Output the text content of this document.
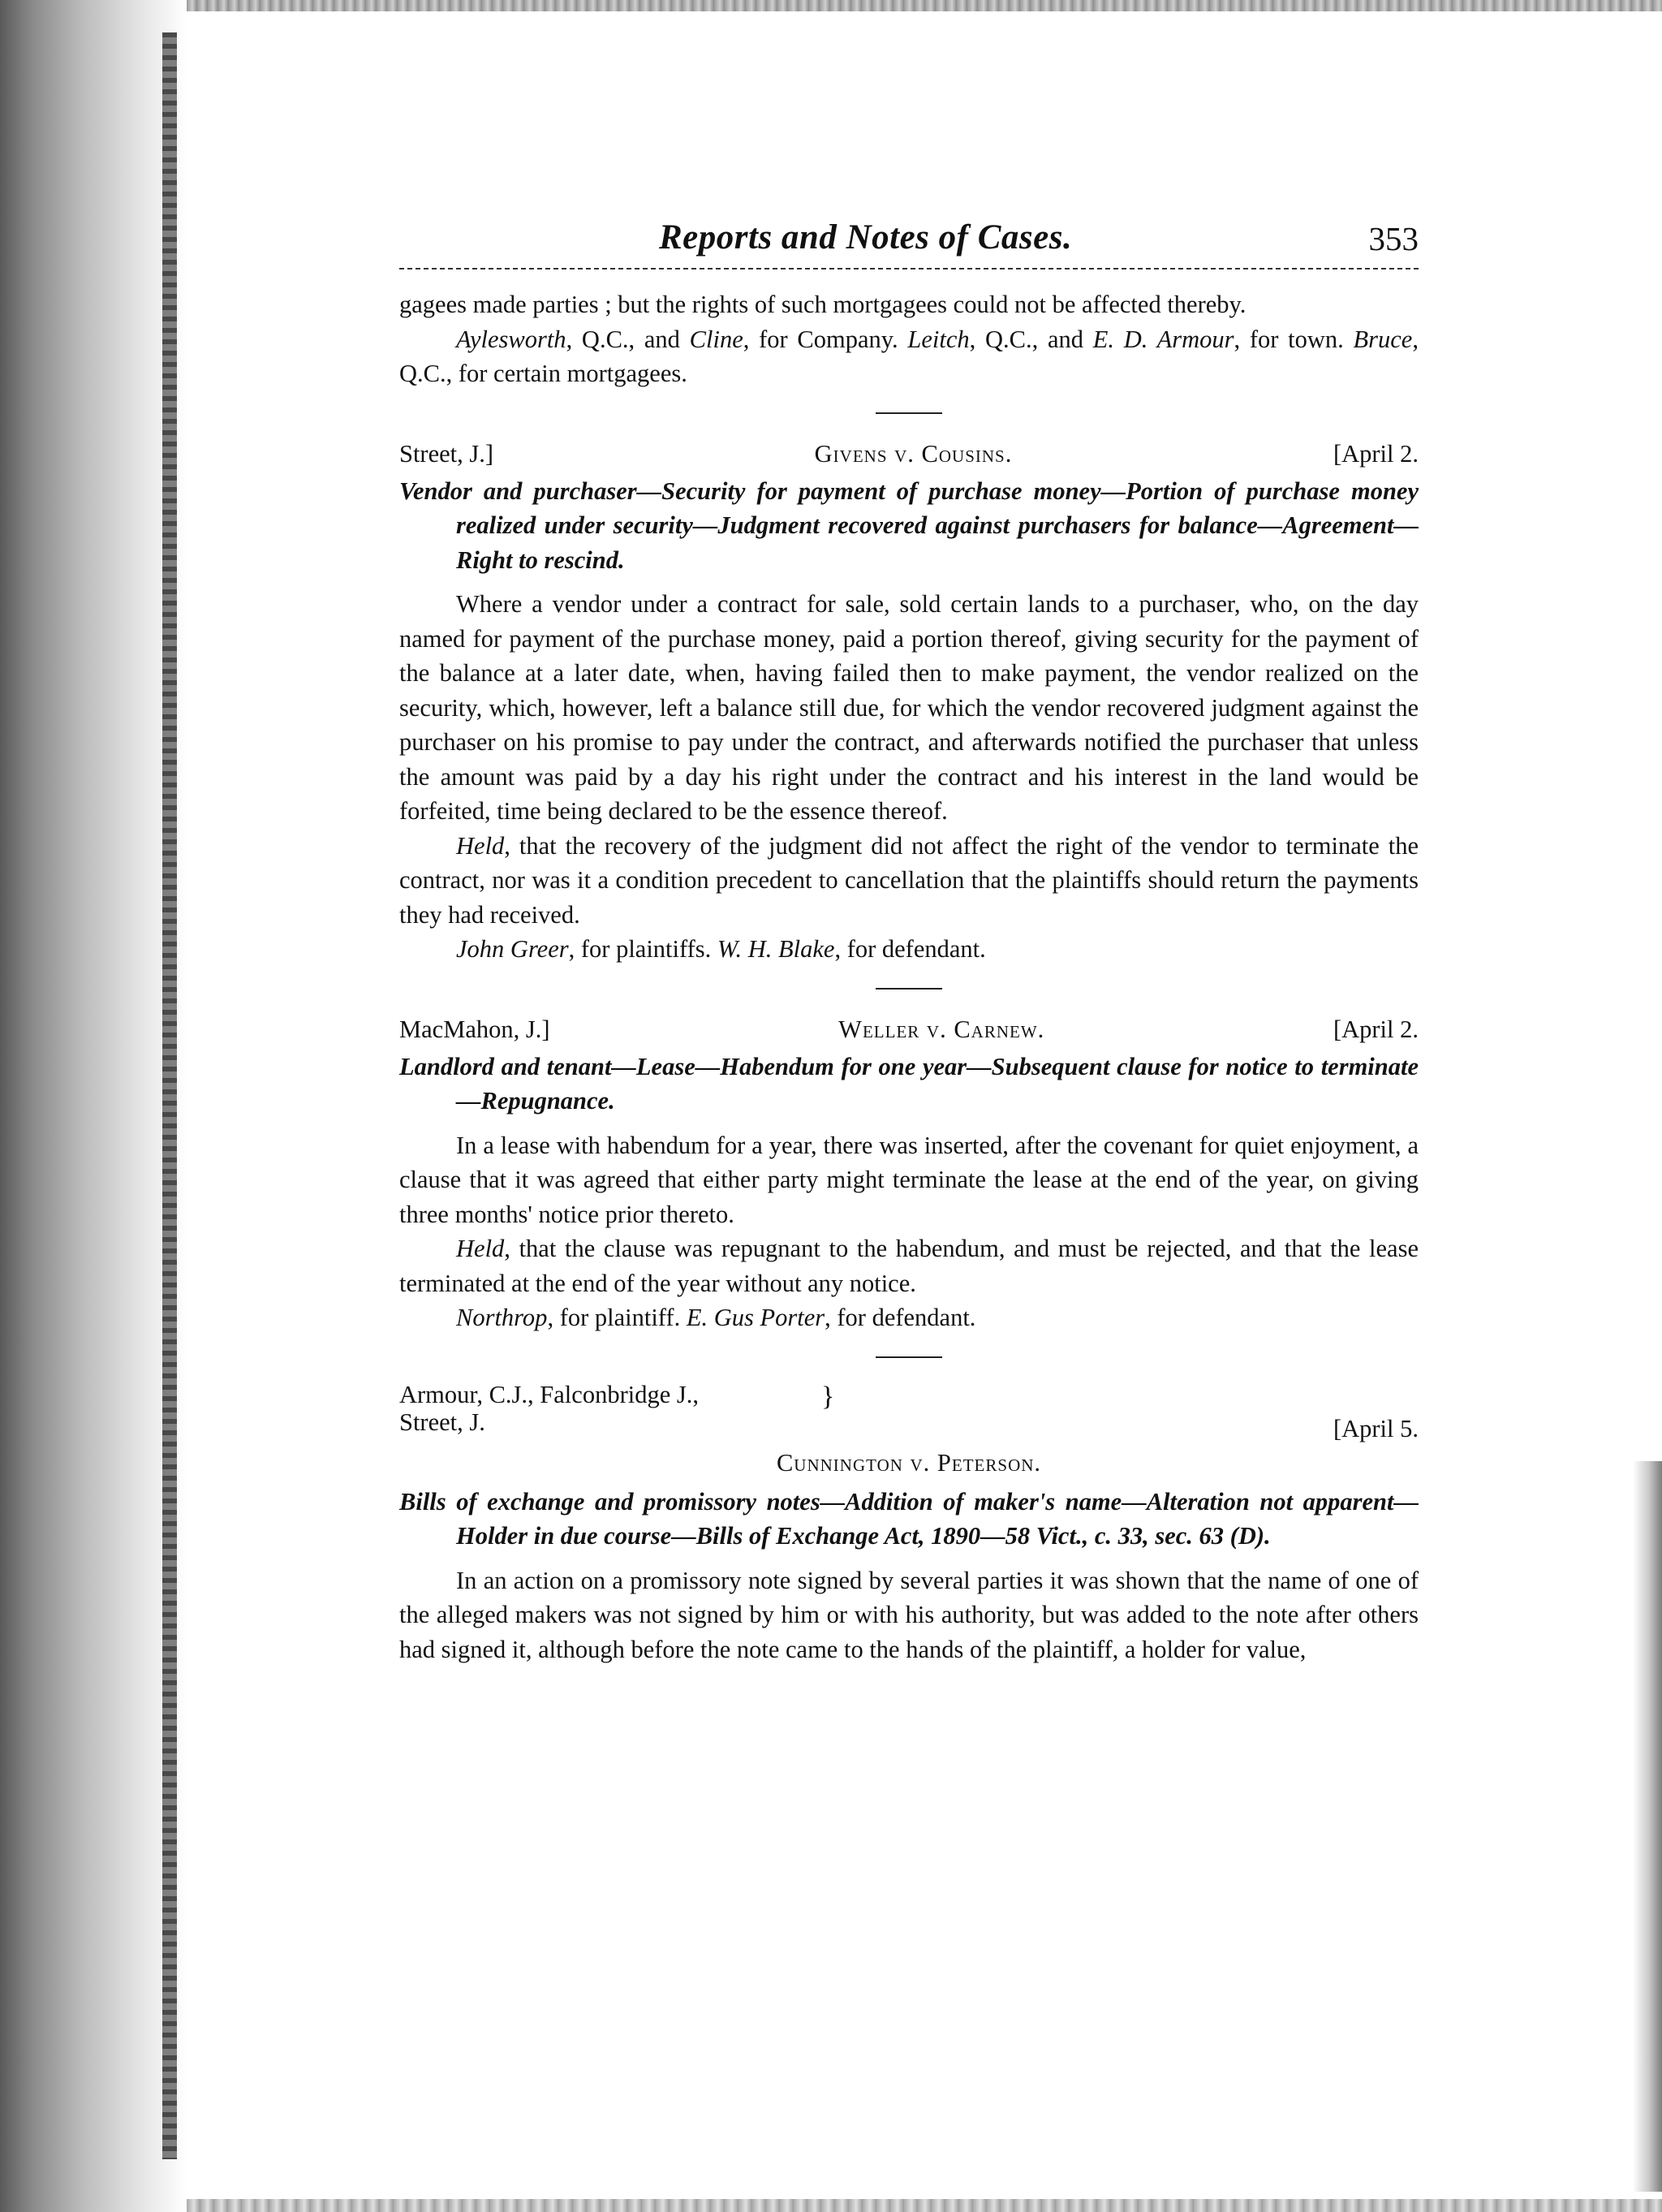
Reports and Notes of Cases.	353

gagees made parties ; but the rights of such mortgagees could not be affected thereby.

Aylesworth, Q.C., and Cline, for Company. Leitch, Q.C., and E. D. Armour, for town. Bruce, Q.C., for certain mortgagees.

Street, J.]	Givens v. Cousins.	[April 2.

Vendor and purchaser—Security for payment of purchase money—Portion of purchase money realized under security—Judgment recovered against purchasers for balance—Agreement—Right to rescind.

Where a vendor under a contract for sale, sold certain lands to a purchaser, who, on the day named for payment of the purchase money, paid a portion thereof, giving security for the payment of the balance at a later date, when, having failed then to make payment, the vendor realized on the security, which, however, left a balance still due, for which the vendor recovered judgment against the purchaser on his promise to pay under the contract, and afterwards notified the purchaser that unless the amount was paid by a day his right under the contract and his interest in the land would be forfeited, time being declared to be the essence thereof.

Held, that the recovery of the judgment did not affect the right of the vendor to terminate the contract, nor was it a condition precedent to cancellation that the plaintiffs should return the payments they had received.

John Greer, for plaintiffs. W. H. Blake, for defendant.

MacMahon, J.]	Weller v. Carnew.	[April 2.

Landlord and tenant—Lease—Habendum for one year—Subsequent clause for notice to terminate—Repugnance.

In a lease with habendum for a year, there was inserted, after the covenant for quiet enjoyment, a clause that it was agreed that either party might terminate the lease at the end of the year, on giving three months' notice prior thereto.

Held, that the clause was repugnant to the habendum, and must be rejected, and that the lease terminated at the end of the year without any notice.

Northrop, for plaintiff. E. Gus Porter, for defendant.

Armour, C.J., Falconbridge J.,
Street, J.
}
[April 5.
Cunnington v. Peterson.

Bills of exchange and promissory notes—Addition of maker's name—Alteration not apparent—Holder in due course—Bills of Exchange Act, 1890—58 Vict., c. 33, sec. 63 (D).

In an action on a promissory note signed by several parties it was shown that the name of one of the alleged makers was not signed by him or with his authority, but was added to the note after others had signed it, although before the note came to the hands of the plaintiff, a holder for value,
